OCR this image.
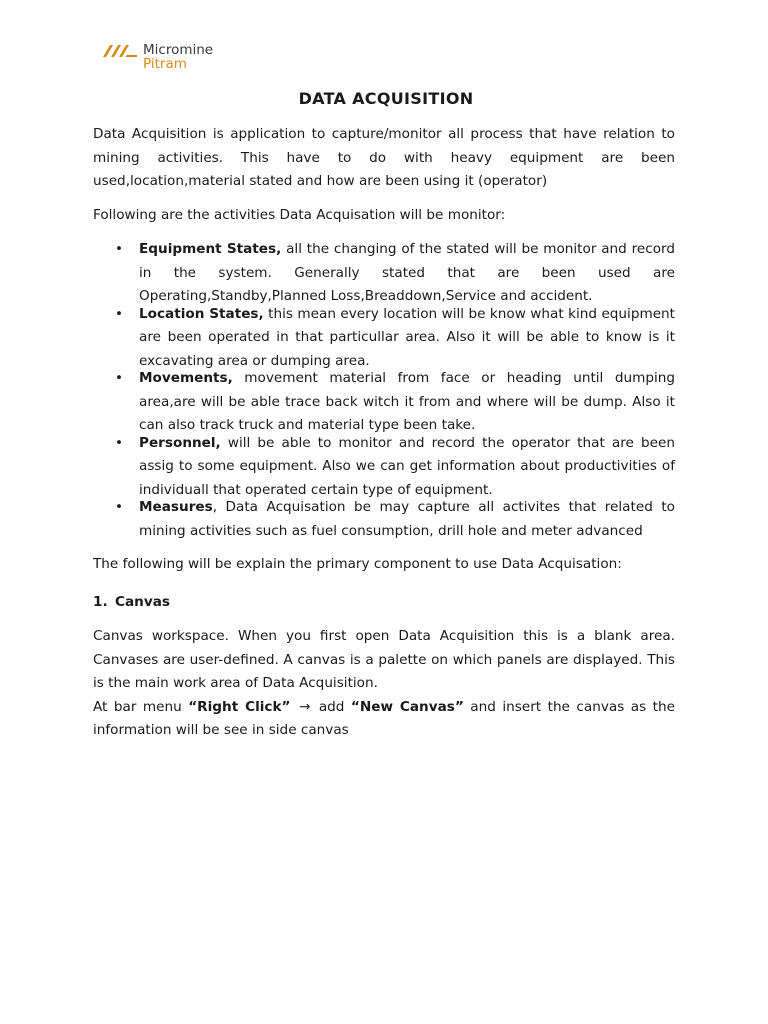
Micromine
Pitram
DATA ACQUISITION

Data Acquisition is application to capture/monitor all process that have relation to mining activities. This have to do with heavy equipment are been used,location,material stated and how are been using it (operator)

Following are the activities Data Acquisation will be monitor:

• Equipment States, all the changing of the stated will be monitor and record in the system. Generally stated that are been used are Operating,Standby,Planned Loss,Breaddown,Service and accident.
• Location States, this mean every location will be know what kind equipment are been operated in that particullar area. Also it will be able to know is it excavating area or dumping area.
• Movements, movement material from face or heading until dumping area,are will be able trace back witch it from and where will be dump. Also it can also track truck and material type been take.
• Personnel, will be able to monitor and record the operator that are been assig to some equipment. Also we can get information about productivities of individuall that operated certain type of equipment.
• Measures, Data Acquisation be may capture all activites that related to mining activities such as fuel consumption, drill hole and meter advanced

The following will be explain the primary component to use Data Acquisation:

1. Canvas

Canvas workspace. When you first open Data Acquisition this is a blank area. Canvases are user-defined. A canvas is a palette on which panels are displayed. This is the main work area of Data Acquisition.

At bar menu “Right Click” → add “New Canvas” and insert the canvas as the information will be see in side canvas
